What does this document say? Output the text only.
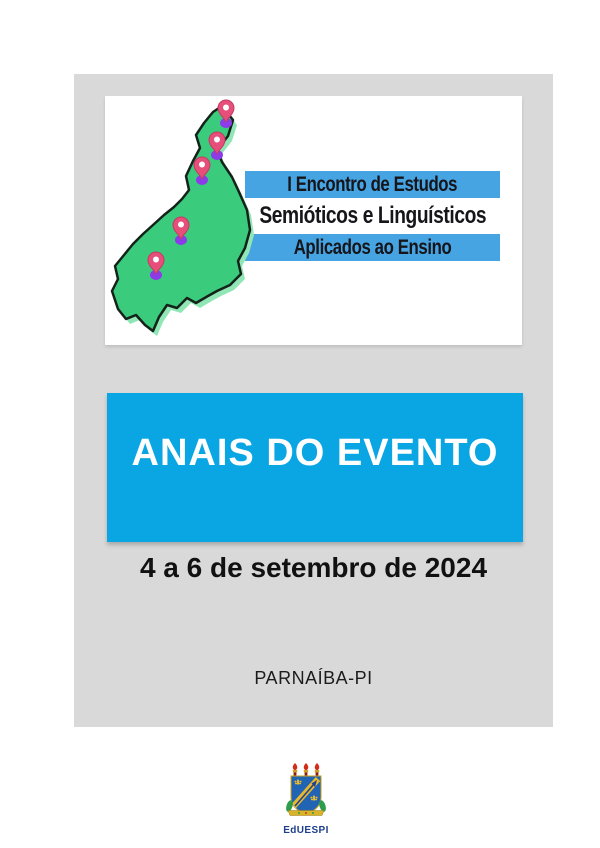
I Encontro de Estudos
Semióticos e Linguísticos
Aplicados ao Ensino
ANAIS DO EVENTO
4 a 6 de setembro de 2024
PARNAÍBA-PI
EdUESPI
